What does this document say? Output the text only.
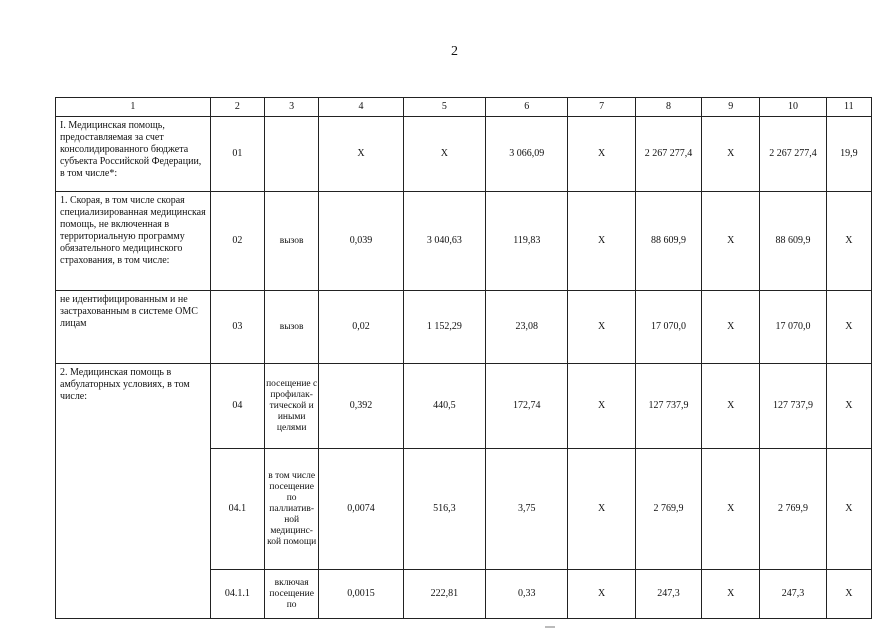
2
1	2	3	4	5	6	7	8	9	10	11
I. Медицинская помощь, предоставляемая за счет консолидированного бюджета субъекта Российской Федерации, в том числе*:	01		X	X	3 066,09	X	2 267 277,4	X	2 267 277,4	19,9
1. Скорая, в том числе скорая специализированная медицинская помощь, не включенная в территориальную программу обязательного медицинского страхования, в том числе:	02	вызов	0,039	3 040,63	119,83	X	88 609,9	X	88 609,9	X
не идентифицированным и не застрахованным в системе ОМС лицам	03	вызов	0,02	1 152,29	23,08	X	17 070,0	X	17 070,0	X
2. Медицинская помощь в амбулаторных условиях, в том числе:	04	посещение с профилак-тической и иными целями	0,392	440,5	172,74	X	127 737,9	X	127 737,9	X
	04.1	в том числе посещение по паллиатив-ной медицинс-кой помощи	0,0074	516,3	3,75	X	2 769,9	X	2 769,9	X
	04.1.1	включая посещение по	0,0015	222,81	0,33	X	247,3	X	247,3	X
